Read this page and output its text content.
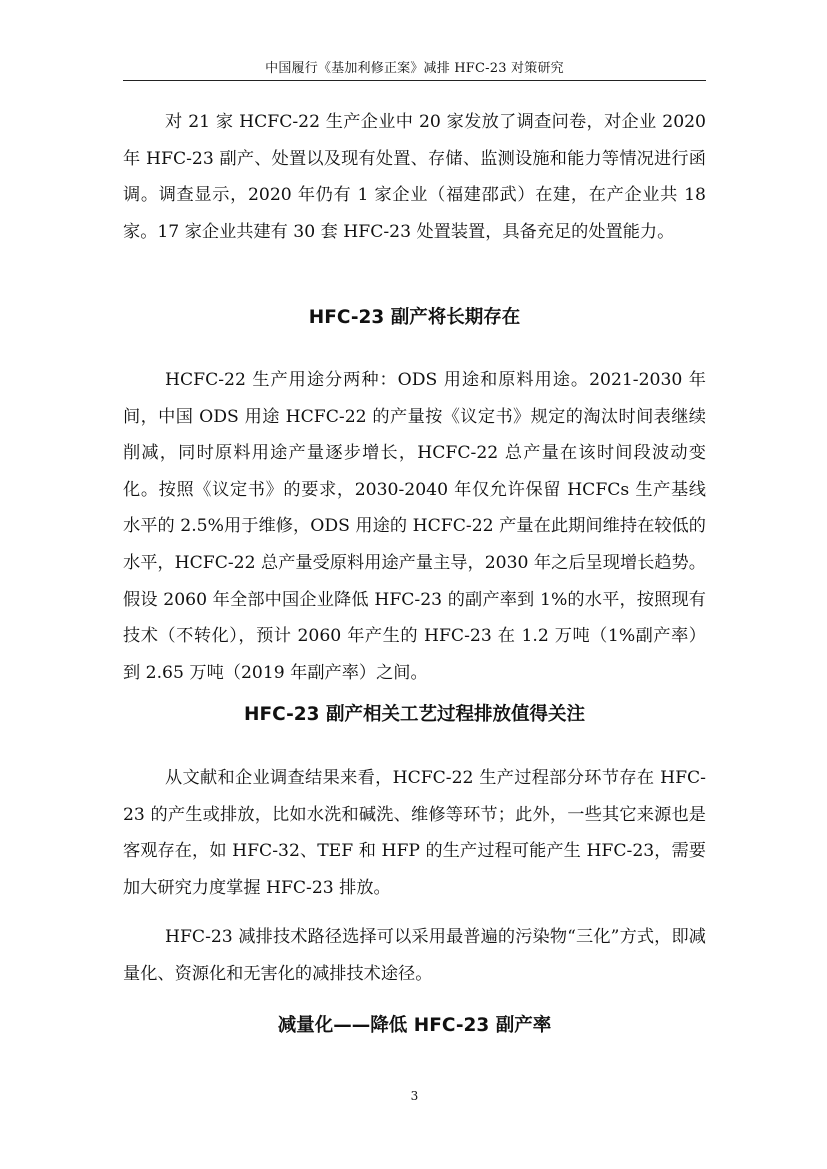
中国履行《基加利修正案》减排 HFC-23 对策研究

对 21 家 HCFC-22 生产企业中 20 家发放了调查问卷，对企业 2020 年 HFC-23 副产、处置以及现有处置、存储、监测设施和能力等情况进行函调。调查显示，2020 年仍有 1 家企业（福建邵武）在建，在产企业共 18 家。17 家企业共建有 30 套 HFC-23 处置装置，具备充足的处置能力。

HFC-23 副产将长期存在

HCFC-22 生产用途分两种：ODS 用途和原料用途。2021-2030 年间，中国 ODS 用途 HCFC-22 的产量按《议定书》规定的淘汰时间表继续削减，同时原料用途产量逐步增长，HCFC-22 总产量在该时间段波动变化。按照《议定书》的要求，2030-2040 年仅允许保留 HCFCs 生产基线水平的 2.5%用于维修，ODS 用途的 HCFC-22 产量在此期间维持在较低的水平，HCFC-22 总产量受原料用途产量主导，2030 年之后呈现增长趋势。假设 2060 年全部中国企业降低 HFC-23 的副产率到 1%的水平，按照现有技术（不转化），预计 2060 年产生的 HFC-23 在 1.2 万吨（1%副产率）到 2.65 万吨（2019 年副产率）之间。

HFC-23 副产相关工艺过程排放值得关注

从文献和企业调查结果来看，HCFC-22 生产过程部分环节存在 HFC-23 的产生或排放，比如水洗和碱洗、维修等环节；此外，一些其它来源也是客观存在，如 HFC-32、TEF 和 HFP 的生产过程可能产生 HFC-23，需要加大研究力度掌握 HFC-23 排放。

HFC-23 减排技术路径选择可以采用最普遍的污染物“三化”方式，即减量化、资源化和无害化的减排技术途径。

减量化——降低 HFC-23 副产率
3
